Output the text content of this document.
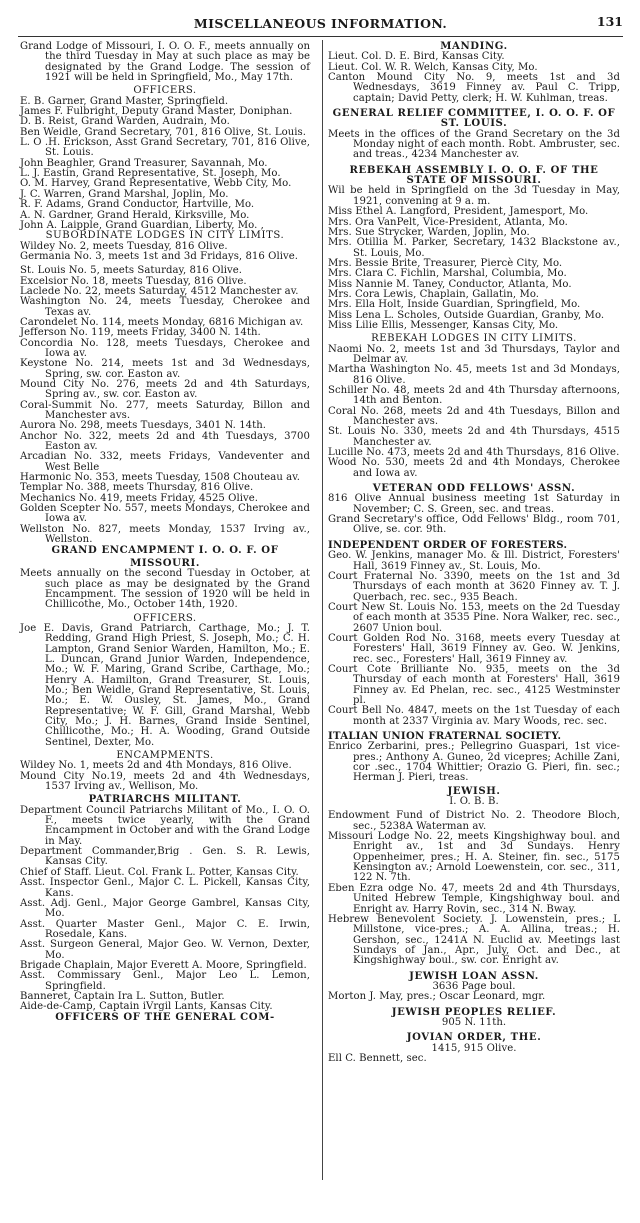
MISCELLANEOUS INFORMATION.	131

Grand Lodge of Missouri, I. O. O. F., meets annually on the third Tuesday in May at such place as may be designated by the Grand Lodge. The session of 1921 will be held in Springfield, Mo., May 17th.

OFFICERS.

E. B. Garner, Grand Master, Springfield.

James F. Fulbright, Deputy Grand Master, Doniphan.

D. B. Reist, Grand Warden, Audrain, Mo.

Ben Weidle, Grand Secretary, 701, 816 Olive, St. Louis.

L. O .H. Erickson, Asst Grand Secretary, 701, 816 Olive, St. Louis.

John Beaghler, Grand Treasurer, Savannah, Mo.

L. J. Eastin, Grand Representative, St. Joseph, Mo.

O. M. Harvey, Grand Representative, Webb City, Mo.

J. C. Warren, Grand Marshal, Joplin, Mo.

R. F. Adams, Grand Conductor, Hartville, Mo.

A. N. Gardner, Grand Herald, Kirksville, Mo.

John A. Laipple, Grand Guardian, Liberty, Mo. ,

SUBORDINATE LODGES IN CITY LIMITS.

Wildey No. 2, meets Tuesday, 816 Olive.

Germania No. 3, meets 1st and 3d Fridays, 816 Olive.

St. Louis No. 5, meets Saturday, 816 Olive.

Excelsior No. 18, meets Tuesday, 816 Olive.

Laclede No. 22, meets Saturday, 4512 Manchester av.

Washington No. 24, meets Tuesday, Cherokee and Texas av.

Carondelet No. 114, meets Monday, 6816 Michigan av.

Jefferson No. 119, meets Friday, 3400 N. 14th.

Concordia No. 128, meets Tuesdays, Cherokee and Iowa av.

Keystone No. 214, meets 1st and 3d Wednesdays, Spring, sw. cor. Easton av.

Mound City No. 276, meets 2d and 4th Saturdays, Spring av., sw. cor. Easton av.

Coral-Summit No. 277, meets Saturday, Billon and Manchester avs.

Aurora No. 298, meets Tuesdays, 3401 N. 14th.

Anchor No. 322, meets 2d and 4th Tuesdays, 3700 Easton av.

Arcadian No. 332, meets Fridays, Vandeventer and West Belle

Harmonic No. 353, meets Tuesday, 1508 Chouteau av.

Templar No. 388, meets Thursday, 816 Olive.

Mechanics No. 419, meets Friday, 4525 Olive.

Golden Scepter No. 557, meets Mondays, Cherokee and Iowa av.

Wellston No. 827, meets Monday, 1537 Irving av., Wellston.

GRAND ENCAMPMENT I. O. O. F. OF

MISSOURI.

Meets annually on the second Tuesday in October, at such place as may be designated by the Grand Encampment. The session of 1920 will be held in Chillicothe, Mo., October 14th, 1920.

OFFICERS.

Joe E. Davis, Grand Patriarch, Carthage, Mo.; J. T. Redding, Grand High Priest, S. Joseph, Mo.; C. H. Lampton, Grand Senior Warden, Hamilton, Mo.; E. L. Duncan, Grand Junior Warden, Independence, Mo.; W. F. Maring, Grand Scribe, Carthage, Mo.; Henry A. Hamilton, Grand Treasurer, St. Louis, Mo.; Ben Weidle, Grand Representative, St. Louis, Mo.; E. W. Ousley, St. James, Mo., Grand Representative; W. F. Gill, Grand Marshal, Webb City, Mo.; J. H. Barnes, Grand Inside Sentinel, Chillicothe, Mo.; H. A. Wooding, Grand Outside Sentinel, Dexter, Mo.

ENCAMPMENTS.

Wildey No. 1, meets 2d and 4th Mondays, 816 Olive.

Mound City No.19, meets 2d and 4th Wednesdays, 1537 Irving av., Wellison, Mo.

PATRIARCHS MILITANT.

Department Council Patriarchs Militant of Mo., I. O. O. F., meets twice yearly, with the Grand Encampment in October and with the Grand Lodge in May.

Department Commander,Brig . Gen. S. R. Lewis, Kansas City.

Chief of Staff. Lieut. Col. Frank L. Potter, Kansas City.

Asst. Inspector Genl., Major C. L. Pickell, Kansas City, Kans.

Asst. Adj. Genl., Major George Gambrel, Kansas City, Mo.

Asst. Quarter Master Genl., Major C. E. Irwin, Rosedale, Kans.

Asst. Surgeon General, Major Geo. W. Vernon, Dexter, Mo.

Brigade Chaplain, Major Everett A. Moore, Springfield.

Asst. Commissary Genl., Major Leo L. Lemon, Springfield.

Banneret, Captain Ira L. Sutton, Butler.

Aide-de-Camp, Captain iVrgil Lants, Kansas City.

OFFICERS OF THE GENERAL COM-

MANDING.

Lieut. Col. D. E. Bird, Kansas City.

Lieut. Col. W. R. Welch, Kansas City, Mo.

Canton Mound City No. 9, meets 1st and 3d Wednesdays, 3619 Finney av. Paul C. Tripp, captain; David Petty, clerk; H. W. Kuhlman, treas.

GENERAL RELIEF COMMITTEE, I. O. O. F. OF ST. LOUIS.

Meets in the offices of the Grand Secretary on the 3d Monday night of each month. Robt. Ambruster, sec. and treas., 4234 Manchester av.

REBEKAH ASSEMBLY I. O. O. F. OF THE STATE OF MISSOURI.

Wil be held in Springfield on the 3d Tuesday in May, 1921, convening at 9 a. m.

Miss Ethel A. Langford, President, Jamesport, Mo.

Mrs. Ora VanPelt, Vice-President, Atlanta, Mo.

Mrs. Sue Strycker, Warden, Joplin, Mo.

Mrs. Otillia M. Parker, Secretary, 1432 Blackstone av., St. Louis, Mo.

Mrs. Bessie Brite, Treasurer, Piercè City, Mo.

Mrs. Clara C. Fichlin, Marshal, Columbia, Mo.

Miss Nannie M. Taney, Conductor, Atlanta, Mo.

Mrs. Cora Lewis, Chaplain, Gallatin, Mo.

Mrs. Ella Holt, Inside Guardian, Springfield, Mo.

Miss Lena L. Scholes, Outside Guardian, Granby, Mo.

Miss Lilie Ellis, Messenger, Kansas City, Mo.

REBEKAH LODGES IN CITY LIMITS.

Naomi No. 2, meets 1st and 3d Thursdays, Taylor and Delmar av.

Martha Washington No. 45, meets 1st and 3d Mondays, 816 Olive.

Schiller No. 48, meets 2d and 4th Thursday afternoons, 14th and Benton.

Coral No. 268, meets 2d and 4th Tuesdays, Billon and Manchester avs.

St. Louis No. 330, meets 2d and 4th Thursdays, 4515 Manchester av.

Lucille No. 473, meets 2d and 4th Thursdays, 816 Olive.

Wood No. 530, meets 2d and 4th Mondays, Cherokee and Iowa av.

VETERAN ODD FELLOWS' ASSN.

816 Olive Annual business meeting 1st Saturday in November; C. S. Green, sec. and treas.

Grand Secretary's office, Odd Fellows' Bldg., room 701, Olive, se. cor. 9th.

INDEPENDENT ORDER OF FORESTERS.

Geo. W. Jenkins, manager Mo. & Ill. District, Foresters' Hall, 3619 Finney av., St. Louis, Mo.

Court Fraternal No. 3390, meets on the 1st and 3d Thursdays of each month at 3620 Finney av. T. J. Querbach, rec. sec., 935 Beach.

Court New St. Louis No. 153, meets on the 2d Tuesday of each month at 3535 Pine. Nora Walker, rec. sec., 2607 Union boul.

Court Golden Rod No. 3168, meets every Tuesday at Foresters' Hall, 3619 Finney av. Geo. W. Jenkins, rec. sec., Foresters' Hall, 3619 Finney av.

Court Cote Brilliante No. 935, meets on the 3d Thursday of each month at Foresters' Hall, 3619 Finney av. Ed Phelan, rec. sec., 4125 Westminster pl.

Court Bell No. 4847, meets on the 1st Tuesday of each month at 2337 Virginia av. Mary Woods, rec. sec.

ITALIAN UNION FRATERNAL SOCIETY.

Enrico Zerbarini, pres.; Pellegrino Guaspari, 1st vice-pres.; Anthony A. Guneo, 2d vicepres; Achille Zani, cor .sec., 1704 Whittier; Orazio G. Pieri, fin. sec.; Herman J. Pieri, treas.

JEWISH.

I. O. B. B.

Endowment Fund of District No. 2. Theodore Bloch, sec., 5238A Waterman av.

Missouri Lodge No. 22, meets Kingshighway boul. and Enright av., 1st and 3d Sundays. Henry Oppenheimer, pres.; H. A. Steiner, fin. sec., 5175 Kensington av.; Arnold Loewenstein, cor. sec., 311, 122 N. 7th.

Eben Ezra odge No. 47, meets 2d and 4th Thursdays, United Hebrew Temple, Kingshighway boul. and Enright av. Harry Rovin, sec., 314 N. Bway.

Hebrew Benevolent Society. J. Lowenstein, pres.; L Millstone, vice-pres.; A. A. Allina, treas.; H. Gershon, sec., 1241A N. Euclid av. Meetings last Sundays of Jan., Apr., July, Oct. and Dec., at Kingshighway boul., sw. cor. Enright av.

JEWISH LOAN ASSN.

3636 Page boul.

Morton J. May, pres.; Oscar Leonard, mgr.

JEWISH PEOPLES RELIEF.

905 N. 11th.

JOVIAN ORDER, THE.

1415, 915 Olive.

Ell C. Bennett, sec.
